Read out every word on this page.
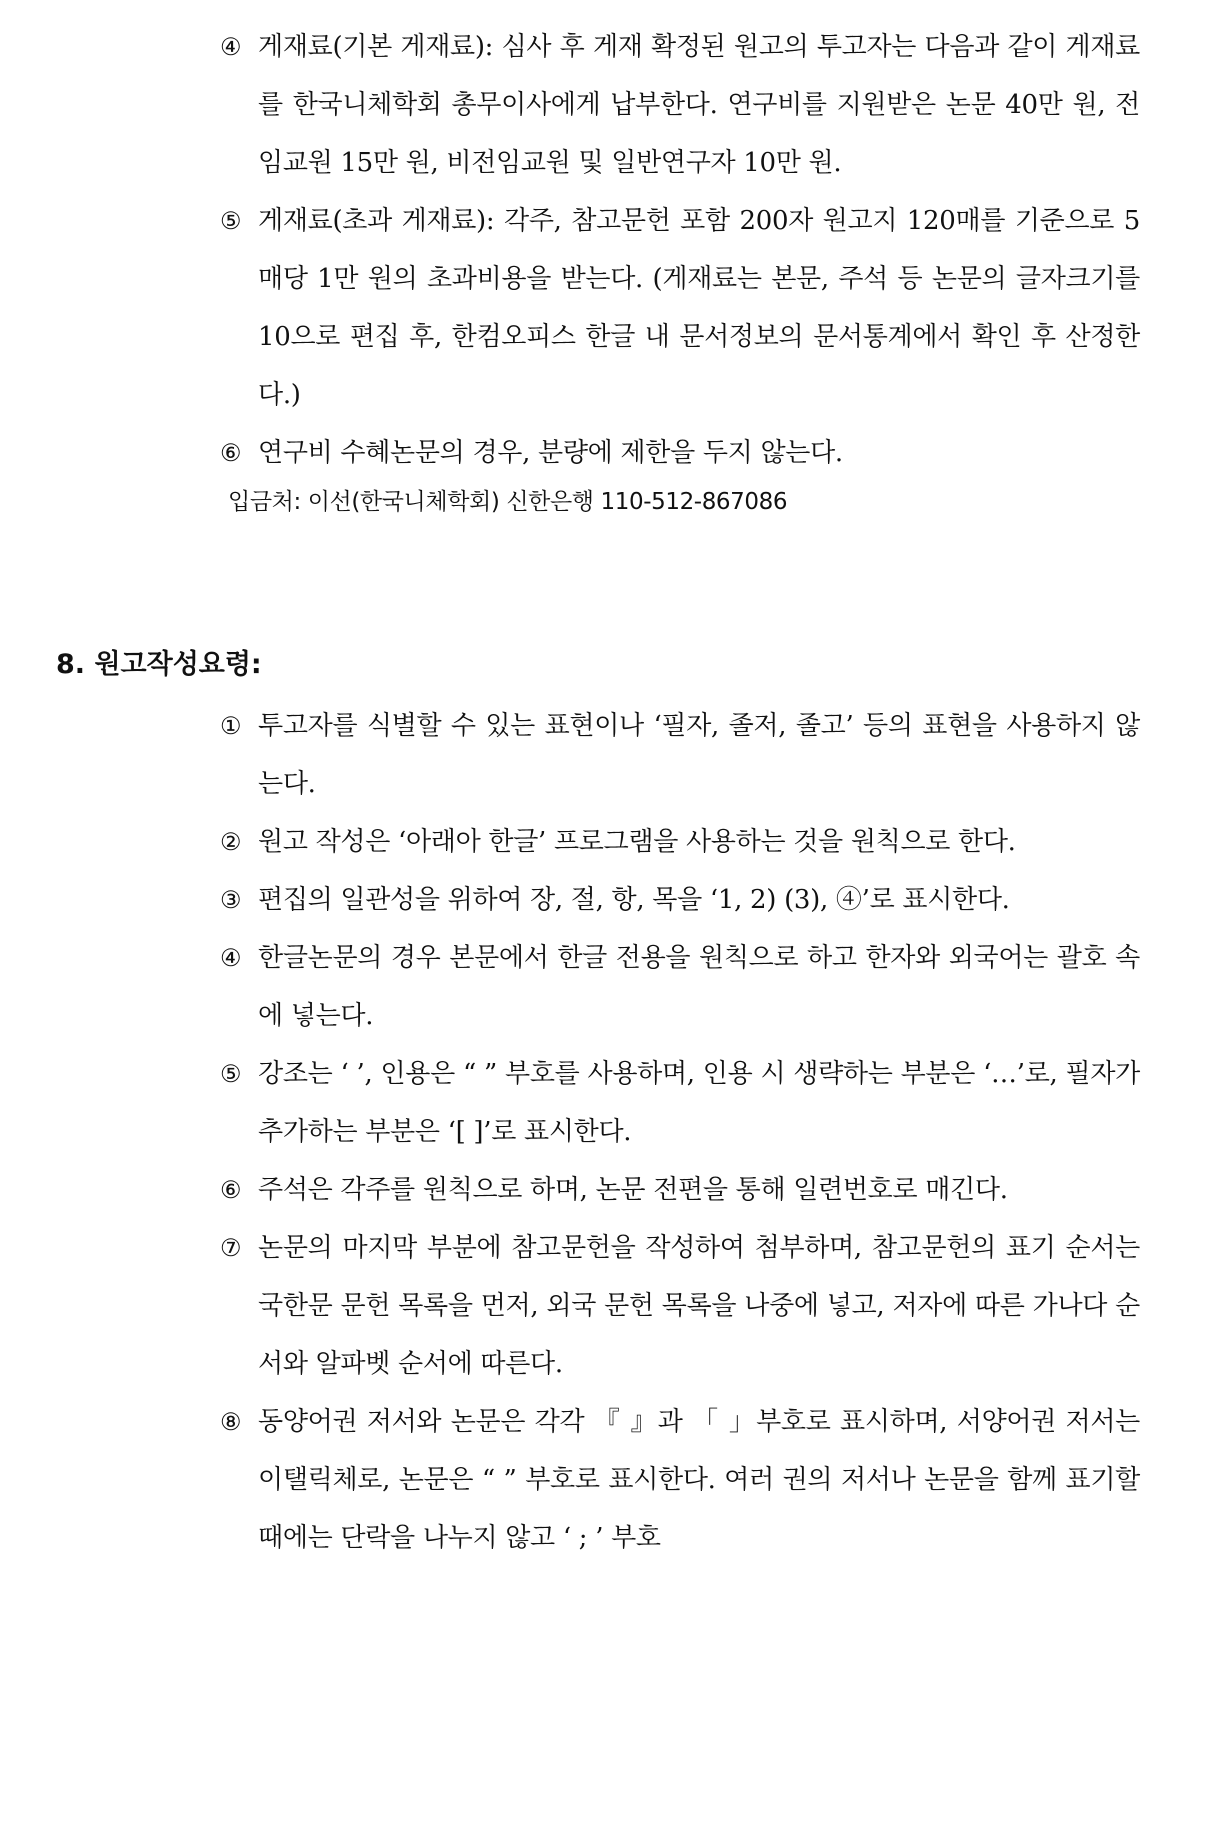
④ 게재료(기본 게재료): 심사 후 게재 확정된 원고의 투고자는 다음과 같이 게재료를 한국니체학회 총무이사에게 납부한다. 연구비를 지원받은 논문 40만 원, 전임교원 15만 원, 비전임교원 및 일반연구자 10만 원.
⑤ 게재료(초과 게재료): 각주, 참고문헌 포함 200자 원고지 120매를 기준으로 5매당 1만 원의 초과비용을 받는다. (게재료는 본문, 주석 등 논문의 글자크기를 10으로 편집 후, 한컴오피스 한글 내 문서정보의 문서통계에서 확인 후 산정한다.)
⑥ 연구비 수혜논문의 경우, 분량에 제한을 두지 않는다.
입금처: 이선(한국니체학회) 신한은행 110-512-867086
8. 원고작성요령:
① 투고자를 식별할 수 있는 표현이나 ‘필자, 졸저, 졸고’ 등의 표현을 사용하지 않는다.
② 원고 작성은 ‘아래아 한글’ 프로그램을 사용하는 것을 원칙으로 한다.
③ 편집의 일관성을 위하여 장, 절, 항, 목을 ‘1, 2) (3), ④’로 표시한다.
④ 한글논문의 경우 본문에서 한글 전용을 원칙으로 하고 한자와 외국어는 괄호 속에 넣는다.
⑤ 강조는 ‘ ’, 인용은 “ ” 부호를 사용하며, 인용 시 생략하는 부분은 ‘…’로, 필자가 추가하는 부분은 ‘[ ]’로 표시한다.
⑥ 주석은 각주를 원칙으로 하며, 논문 전편을 통해 일련번호로 매긴다.
⑦ 논문의 마지막 부분에 참고문헌을 작성하여 첨부하며, 참고문헌의 표기 순서는 국한문 문헌 목록을 먼저, 외국 문헌 목록을 나중에 넣고, 저자에 따른 가나다 순서와 알파벳 순서에 따른다.
⑧ 동양어권 저서와 논문은 각각 『 』과 「 」부호로 표시하며, 서양어권 저서는 이탤릭체로, 논문은 “ ” 부호로 표시한다. 여러 권의 저서나 논문을 함께 표기할 때에는 단락을 나누지 않고 ‘ ; ’ 부호
